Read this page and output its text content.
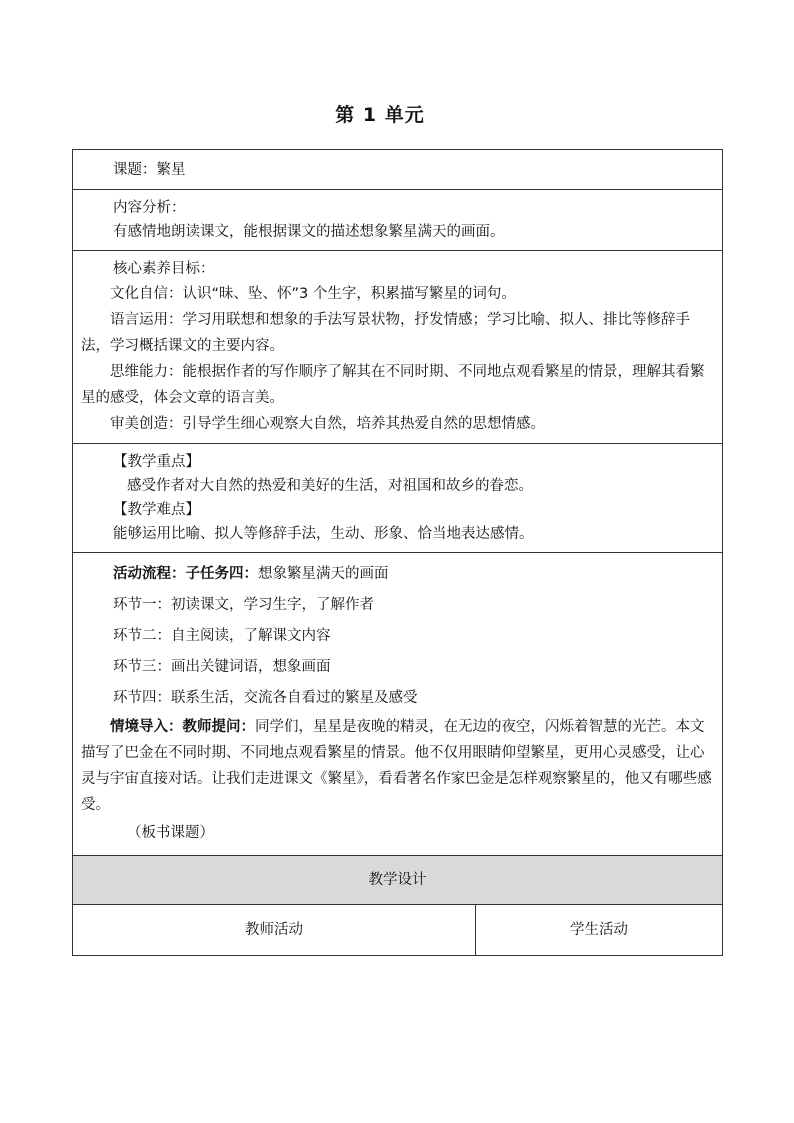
第 1 单元

课题：繁星

内容分析：

有感情地朗读课文，能根据课文的描述想象繁星满天的画面。

核心素养目标：

文化自信：认识“昧、坠、怀”3 个生字，积累描写繁星的词句。

语言运用：学习用联想和想象的手法写景状物，抒发情感；学习比喻、拟人、排比等修辞手法，学习概括课文的主要内容。

思维能力：能根据作者的写作顺序了解其在不同时期、不同地点观看繁星的情景，理解其看繁星的感受，体会文章的语言美。

审美创造：引导学生细心观察大自然，培养其热爱自然的思想情感。

【教学重点】

感受作者对大自然的热爱和美好的生活，对祖国和故乡的眷恋。

【教学难点】

能够运用比喻、拟人等修辞手法，生动、形象、恰当地表达感情。

活动流程：子任务四：想象繁星满天的画面

环节一：初读课文，学习生字，了解作者

环节二：自主阅读，了解课文内容

环节三：画出关键词语，想象画面

环节四：联系生活，交流各自看过的繁星及感受

情境导入：教师提问：同学们，星星是夜晚的精灵，在无边的夜空，闪烁着智慧的光芒。本文描写了巴金在不同时期、不同地点观看繁星的情景。他不仅用眼睛仰望繁星，更用心灵感受，让心灵与宇宙直接对话。让我们走进课文《繁星》，看看著名作家巴金是怎样观察繁星的，他又有哪些感受。

（板书课题）

教学设计
教师活动	学生活动
